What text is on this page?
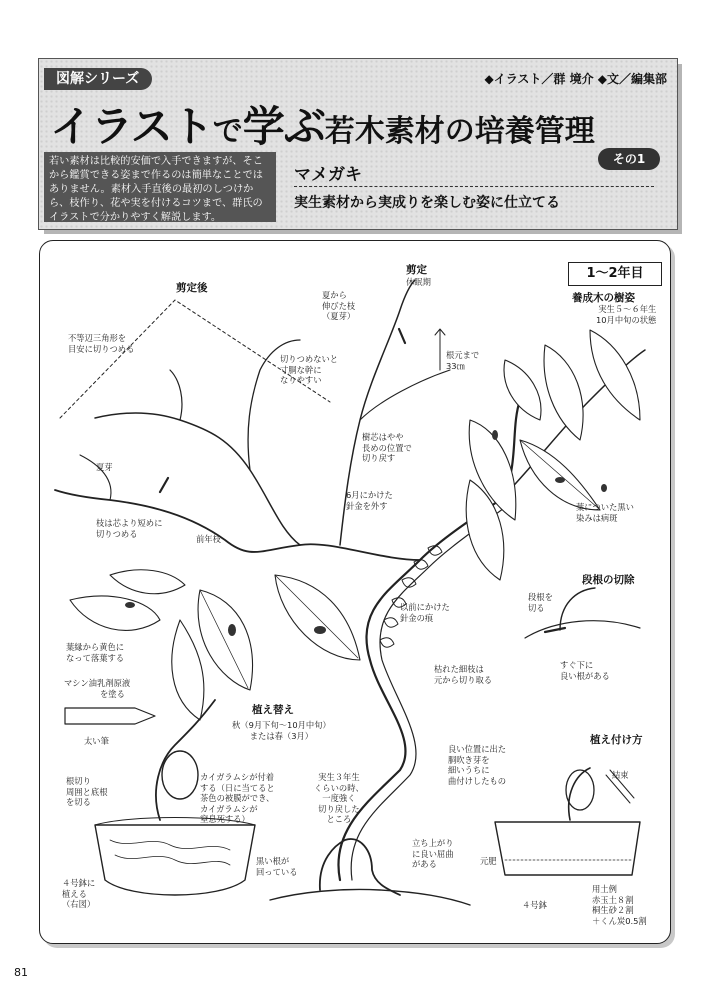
図解シリーズ	◆イラスト／群 境介 ◆文／編集部
イラストで学ぶ若木素材の培養管理
若い素材は比較的安価で入手できますが、そこから鑑賞できる姿まで作るのは簡単なことではありません。素材入手直後の最初のしつけから、枝作り、花や実を付けるコツまで、群氏のイラストで分かりやすく解説します。
その1
マメガキ
実生素材から実成りを楽しむ姿に仕立てる
1～2年目
剪定後
剪定
休眠期
養成木の樹姿
段根の切除
植え替え
植え付け方
実生５～６年生
10月中旬の状態
不等辺三角形を
目安に切りつめる
夏から
伸びた枝
（夏芽）
切りつめないと
寸胴な幹に
なりやすい
根元まで
33㎝
樹芯はやや
長めの位置で
切り戻す
夏芽
6月にかけた
針金を外す	葉についた黒い
染みは病斑
枝は芯より短めに
切りつめる
前年枝
段根を
切る
以前にかけた
針金の痕
すぐ下に
良い根がある
葉縁から黄色に
なって落葉する
枯れた細枝は
元から切り取る
マシン油乳剤原液
を塗る
秋（9月下旬～10月中旬）
または春（3月）
太い筆
良い位置に出た
胴吹き芽を
細いうちに
曲付けしたもの
カイガラムシが付着
する（日に当てると
茶色の被膜ができ、
カイガラムシが
窒息死する）
実生３年生
くらいの時、
一度強く
切り戻した
ところ
根切り
周囲と底根
を切る
結束
黒い根が
回っている
立ち上がり
に良い屈曲
がある	元肥
４号鉢に
植える
（右図）	４号鉢
用土例
赤玉土８割
桐生砂２割
＋くん炭0.5割
81
